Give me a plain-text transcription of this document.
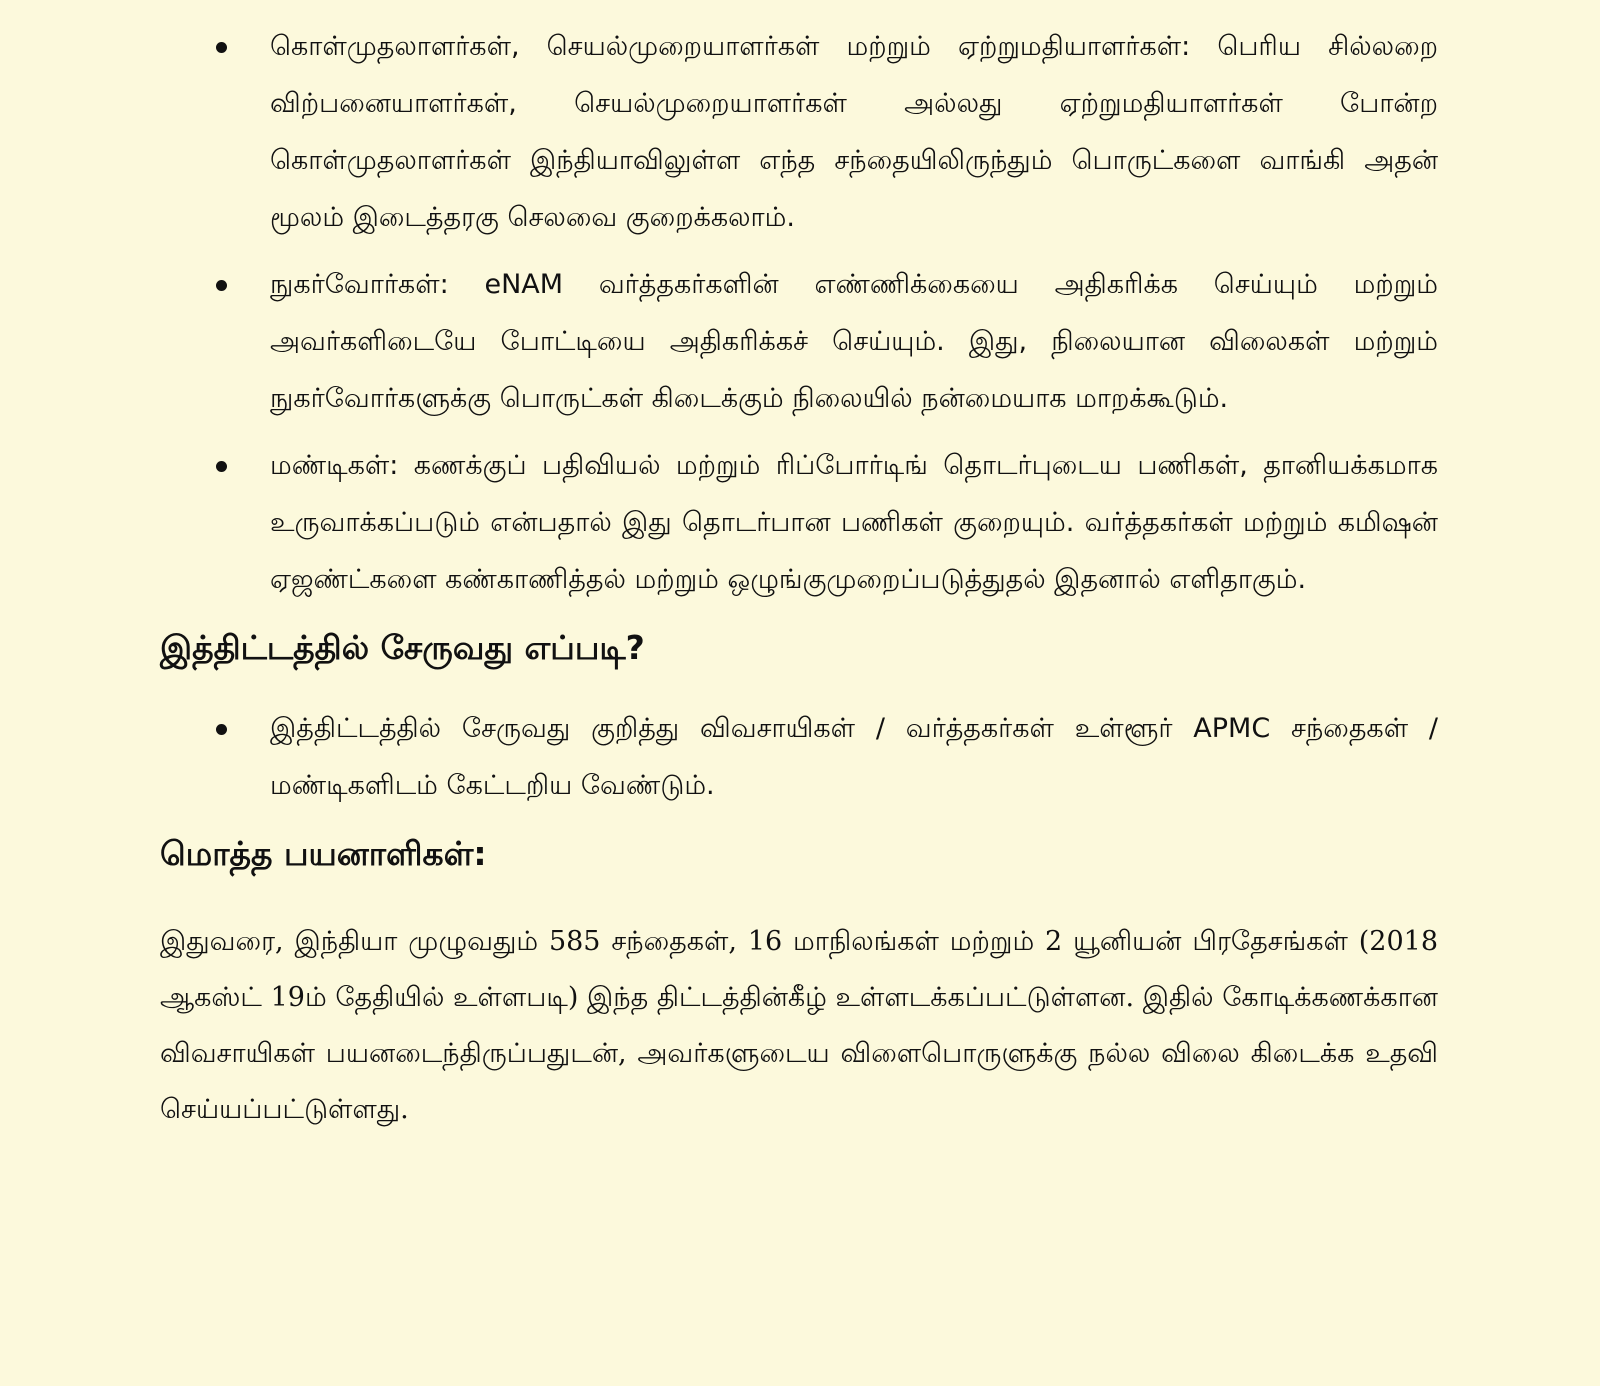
கொள்முதலாளர்கள், செயல்முறையாளர்கள் மற்றும் ஏற்றுமதியாளர்கள்: பெரிய சில்லறை விற்பனையாளர்கள், செயல்முறையாளர்கள் அல்லது ஏற்றுமதியாளர்கள் போன்ற கொள்முதலாளர்கள் இந்தியாவிலுள்ள எந்த சந்தையிலிருந்தும் பொருட்களை வாங்கி அதன் மூலம் இடைத்தரகு செலவை குறைக்கலாம்.
நுகர்வோர்கள்: eNAM வர்த்தகர்களின் எண்ணிக்கையை அதிகரிக்க செய்யும் மற்றும் அவர்களிடையே போட்டியை அதிகரிக்கச் செய்யும். இது, நிலையான விலைகள் மற்றும் நுகர்வோர்களுக்கு பொருட்கள் கிடைக்கும் நிலையில் நன்மையாக மாறக்கூடும்.
மண்டிகள்: கணக்குப் பதிவியல் மற்றும் ரிப்போர்டிங் தொடர்புடைய பணிகள், தானியக்கமாக உருவாக்கப்படும் என்பதால் இது தொடர்பான பணிகள் குறையும். வர்த்தகர்கள் மற்றும் கமிஷன் ஏஜண்ட்களை கண்காணித்தல் மற்றும் ஒழுங்குமுறைப்படுத்துதல் இதனால் எளிதாகும்.
இத்திட்டத்தில் சேருவது எப்படி?
இத்திட்டத்தில் சேருவது குறித்து விவசாயிகள் / வர்த்தகர்கள் உள்ளூர் APMC சந்தைகள் / மண்டிகளிடம் கேட்டறிய வேண்டும்.
மொத்த பயனாளிகள்:

இதுவரை, இந்தியா முழுவதும் 585 சந்தைகள், 16 மாநிலங்கள் மற்றும் 2 யூனியன் பிரதேசங்கள் (2018 ஆகஸ்ட் 19ம் தேதியில் உள்ளபடி) இந்த திட்டத்தின்கீழ் உள்ளடக்கப்பட்டுள்ளன. இதில் கோடிக்கணக்கான விவசாயிகள் பயனடைந்திருப்பதுடன், அவர்களுடைய விளைபொருளுக்கு நல்ல விலை கிடைக்க உதவி செய்யப்பட்டுள்ளது.
